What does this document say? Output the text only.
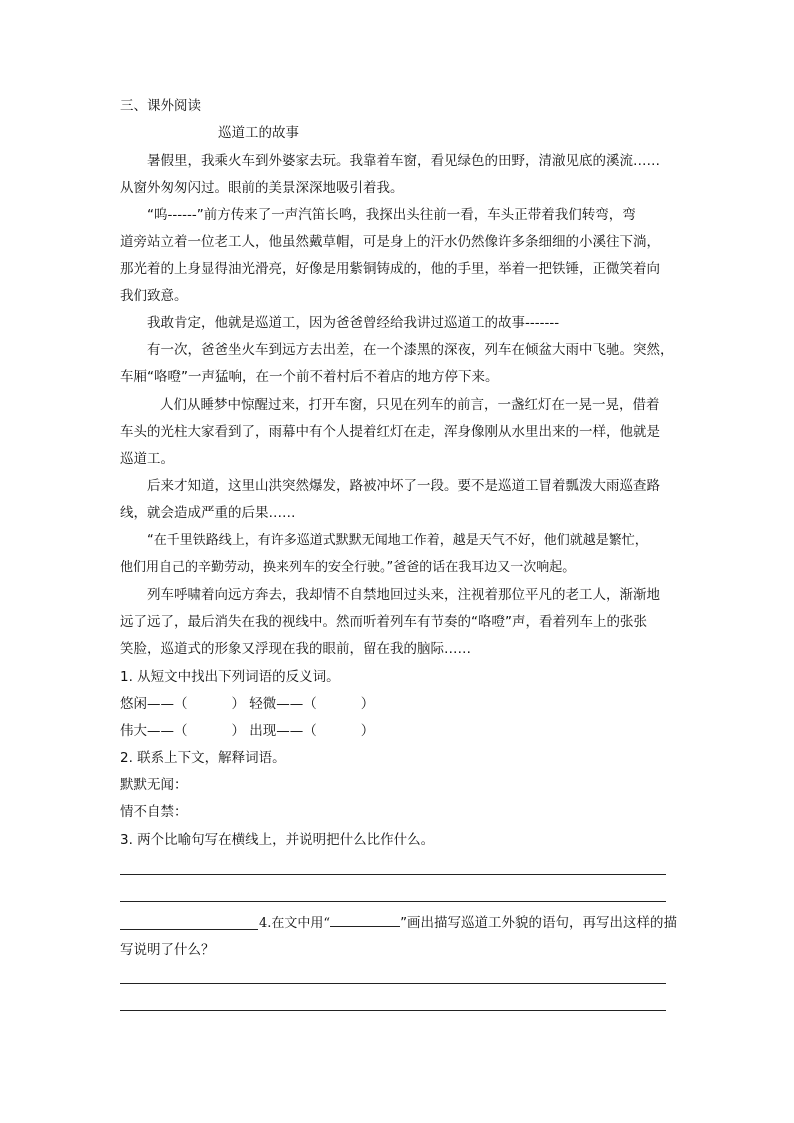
三、课外阅读
巡道工的故事
暑假里，我乘火车到外婆家去玩。我靠着车窗，看见绿色的田野，清澈见底的溪流……
从窗外匆匆闪过。眼前的美景深深地吸引着我。
“呜------”前方传来了一声汽笛长鸣，我探出头往前一看，车头正带着我们转弯，弯
道旁站立着一位老工人，他虽然戴草帽，可是身上的汗水仍然像许多条细细的小溪往下淌，
那光着的上身显得油光滑亮，好像是用紫铜铸成的，他的手里，举着一把铁锤，正微笑着向
我们致意。
我敢肯定，他就是巡道工，因为爸爸曾经给我讲过巡道工的故事-------
有一次，爸爸坐火车到远方去出差，在一个漆黑的深夜，列车在倾盆大雨中飞驰。突然，
车厢“咯噔”一声猛响，在一个前不着村后不着店的地方停下来。
人们从睡梦中惊醒过来，打开车窗，只见在列车的前言，一盏红灯在一晃一晃，借着
车头的光柱大家看到了，雨幕中有个人提着红灯在走，浑身像刚从水里出来的一样，他就是
巡道工。
后来才知道，这里山洪突然爆发，路被冲坏了一段。要不是巡道工冒着瓢泼大雨巡查路
线，就会造成严重的后果……
“在千里铁路线上，有许多巡道式默默无闻地工作着，越是天气不好，他们就越是繁忙，
他们用自己的辛勤劳动，换来列车的安全行驶。”爸爸的话在我耳边又一次响起。
列车呼啸着向远方奔去，我却情不自禁地回过头来，注视着那位平凡的老工人，渐渐地
远了远了，最后消失在我的视线中。然而听着列车有节奏的“咯噔”声，看着列车上的张张
笑脸，巡道式的形象又浮现在我的眼前，留在我的脑际……
1. 从短文中找出下列词语的反义词。
悠闲——（	） 轻微——（	）
伟大——（	） 出现——（	）
2. 联系上下文，解释词语。
默默无闻：
情不自禁：
3. 两个比喻句写在横线上，并说明把什么比作什么。
4.在文中用“	”画出描写巡道工外貌的语句，再写出这样的描
写说明了什么？
